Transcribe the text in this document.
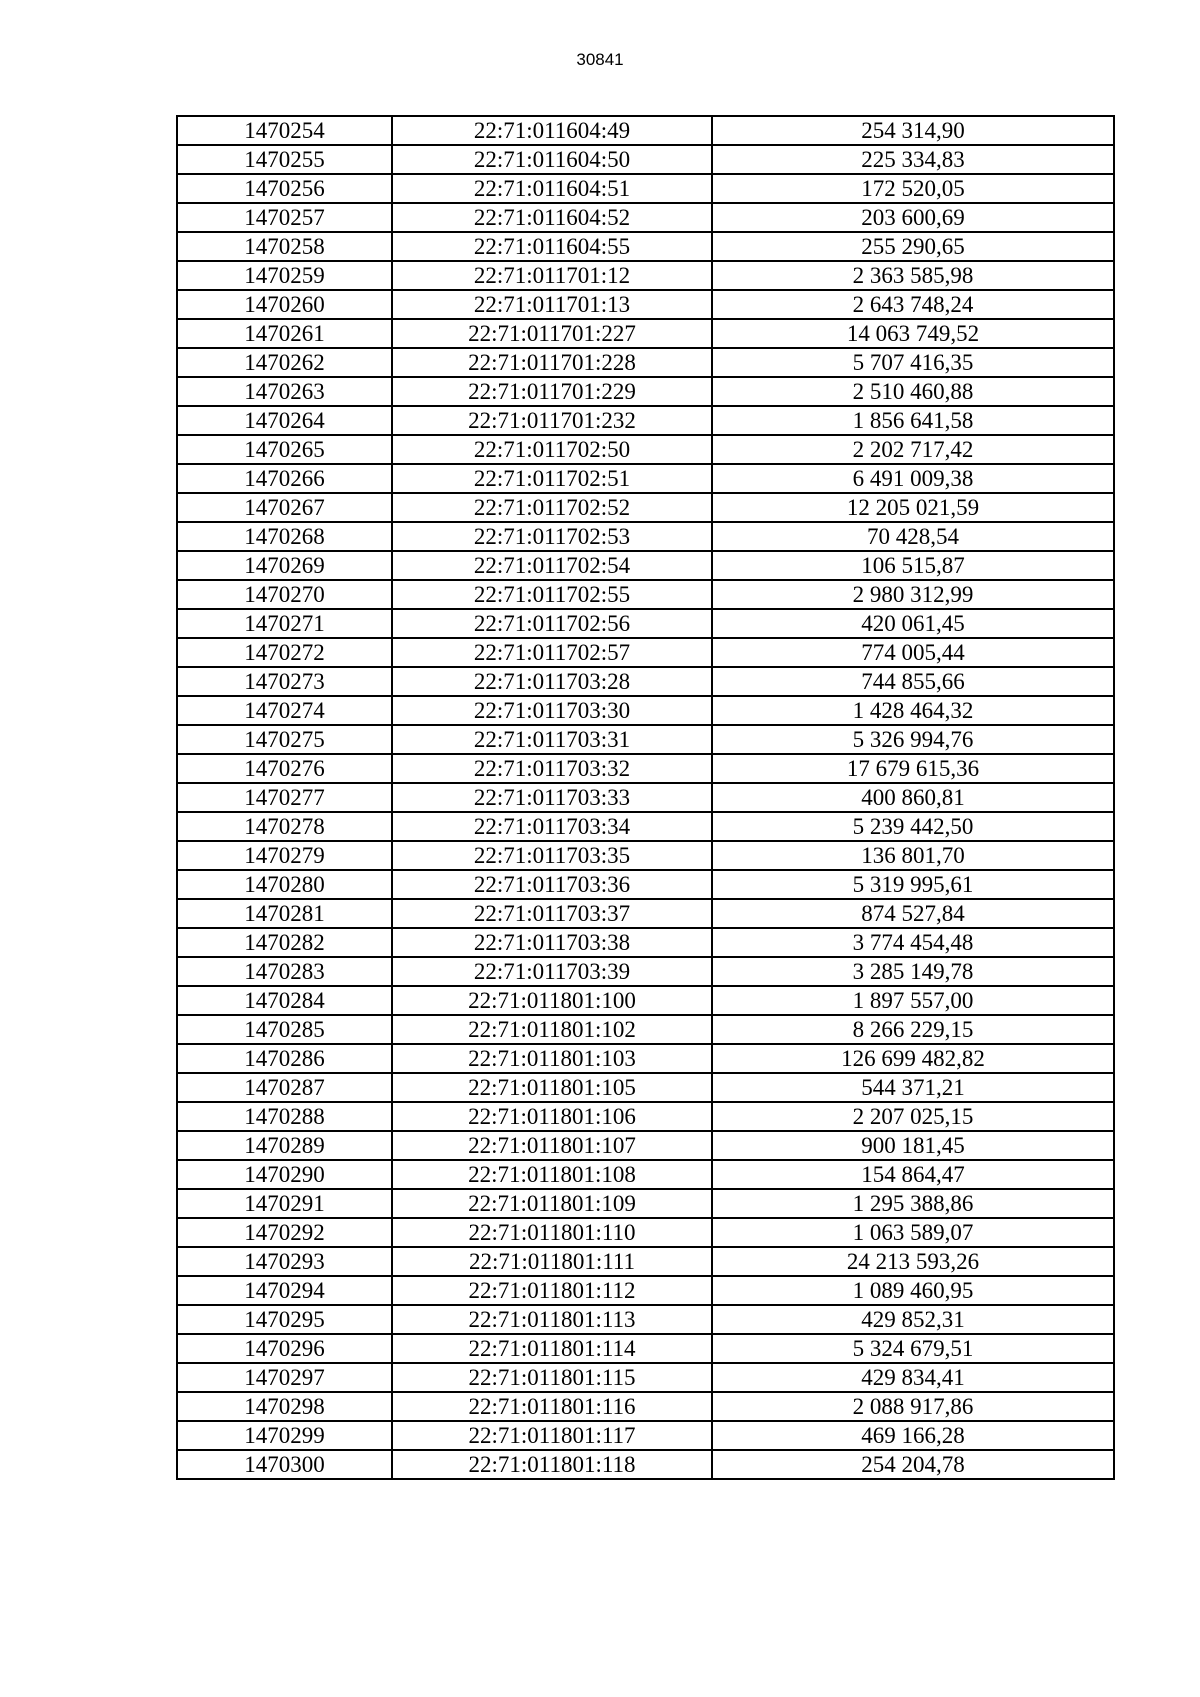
30841
1470254	22:71:011604:49	254 314,90
1470255	22:71:011604:50	225 334,83
1470256	22:71:011604:51	172 520,05
1470257	22:71:011604:52	203 600,69
1470258	22:71:011604:55	255 290,65
1470259	22:71:011701:12	2 363 585,98
1470260	22:71:011701:13	2 643 748,24
1470261	22:71:011701:227	14 063 749,52
1470262	22:71:011701:228	5 707 416,35
1470263	22:71:011701:229	2 510 460,88
1470264	22:71:011701:232	1 856 641,58
1470265	22:71:011702:50	2 202 717,42
1470266	22:71:011702:51	6 491 009,38
1470267	22:71:011702:52	12 205 021,59
1470268	22:71:011702:53	70 428,54
1470269	22:71:011702:54	106 515,87
1470270	22:71:011702:55	2 980 312,99
1470271	22:71:011702:56	420 061,45
1470272	22:71:011702:57	774 005,44
1470273	22:71:011703:28	744 855,66
1470274	22:71:011703:30	1 428 464,32
1470275	22:71:011703:31	5 326 994,76
1470276	22:71:011703:32	17 679 615,36
1470277	22:71:011703:33	400 860,81
1470278	22:71:011703:34	5 239 442,50
1470279	22:71:011703:35	136 801,70
1470280	22:71:011703:36	5 319 995,61
1470281	22:71:011703:37	874 527,84
1470282	22:71:011703:38	3 774 454,48
1470283	22:71:011703:39	3 285 149,78
1470284	22:71:011801:100	1 897 557,00
1470285	22:71:011801:102	8 266 229,15
1470286	22:71:011801:103	126 699 482,82
1470287	22:71:011801:105	544 371,21
1470288	22:71:011801:106	2 207 025,15
1470289	22:71:011801:107	900 181,45
1470290	22:71:011801:108	154 864,47
1470291	22:71:011801:109	1 295 388,86
1470292	22:71:011801:110	1 063 589,07
1470293	22:71:011801:111	24 213 593,26
1470294	22:71:011801:112	1 089 460,95
1470295	22:71:011801:113	429 852,31
1470296	22:71:011801:114	5 324 679,51
1470297	22:71:011801:115	429 834,41
1470298	22:71:011801:116	2 088 917,86
1470299	22:71:011801:117	469 166,28
1470300	22:71:011801:118	254 204,78
